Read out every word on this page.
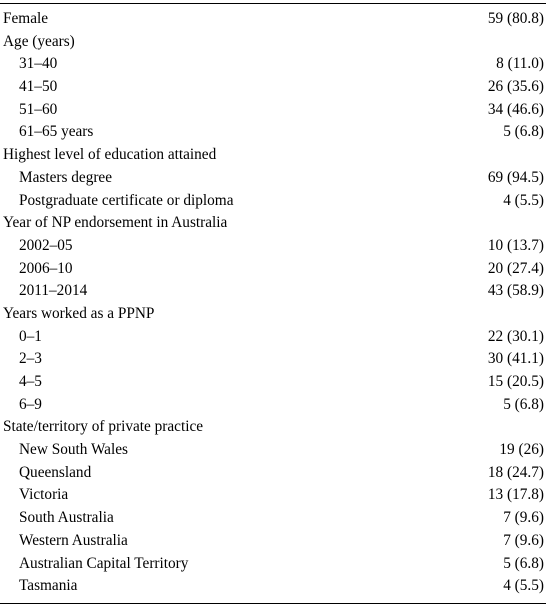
Female	59 (80.8)
Age (years)
31–40	8 (11.0)
41–50	26 (35.6)
51–60	34 (46.6)
61–65 years	5 (6.8)
Highest level of education attained
Masters degree	69 (94.5)
Postgraduate certificate or diploma	4 (5.5)
Year of NP endorsement in Australia
2002–05	10 (13.7)
2006–10	20 (27.4)
2011–2014	43 (58.9)
Years worked as a PPNP
0–1	22 (30.1)
2–3	30 (41.1)
4–5	15 (20.5)
6–9	5 (6.8)
State/territory of private practice
New South Wales	19 (26)
Queensland	18 (24.7)
Victoria	13 (17.8)
South Australia	7 (9.6)
Western Australia	7 (9.6)
Australian Capital Territory	5 (6.8)
Tasmania	4 (5.5)
